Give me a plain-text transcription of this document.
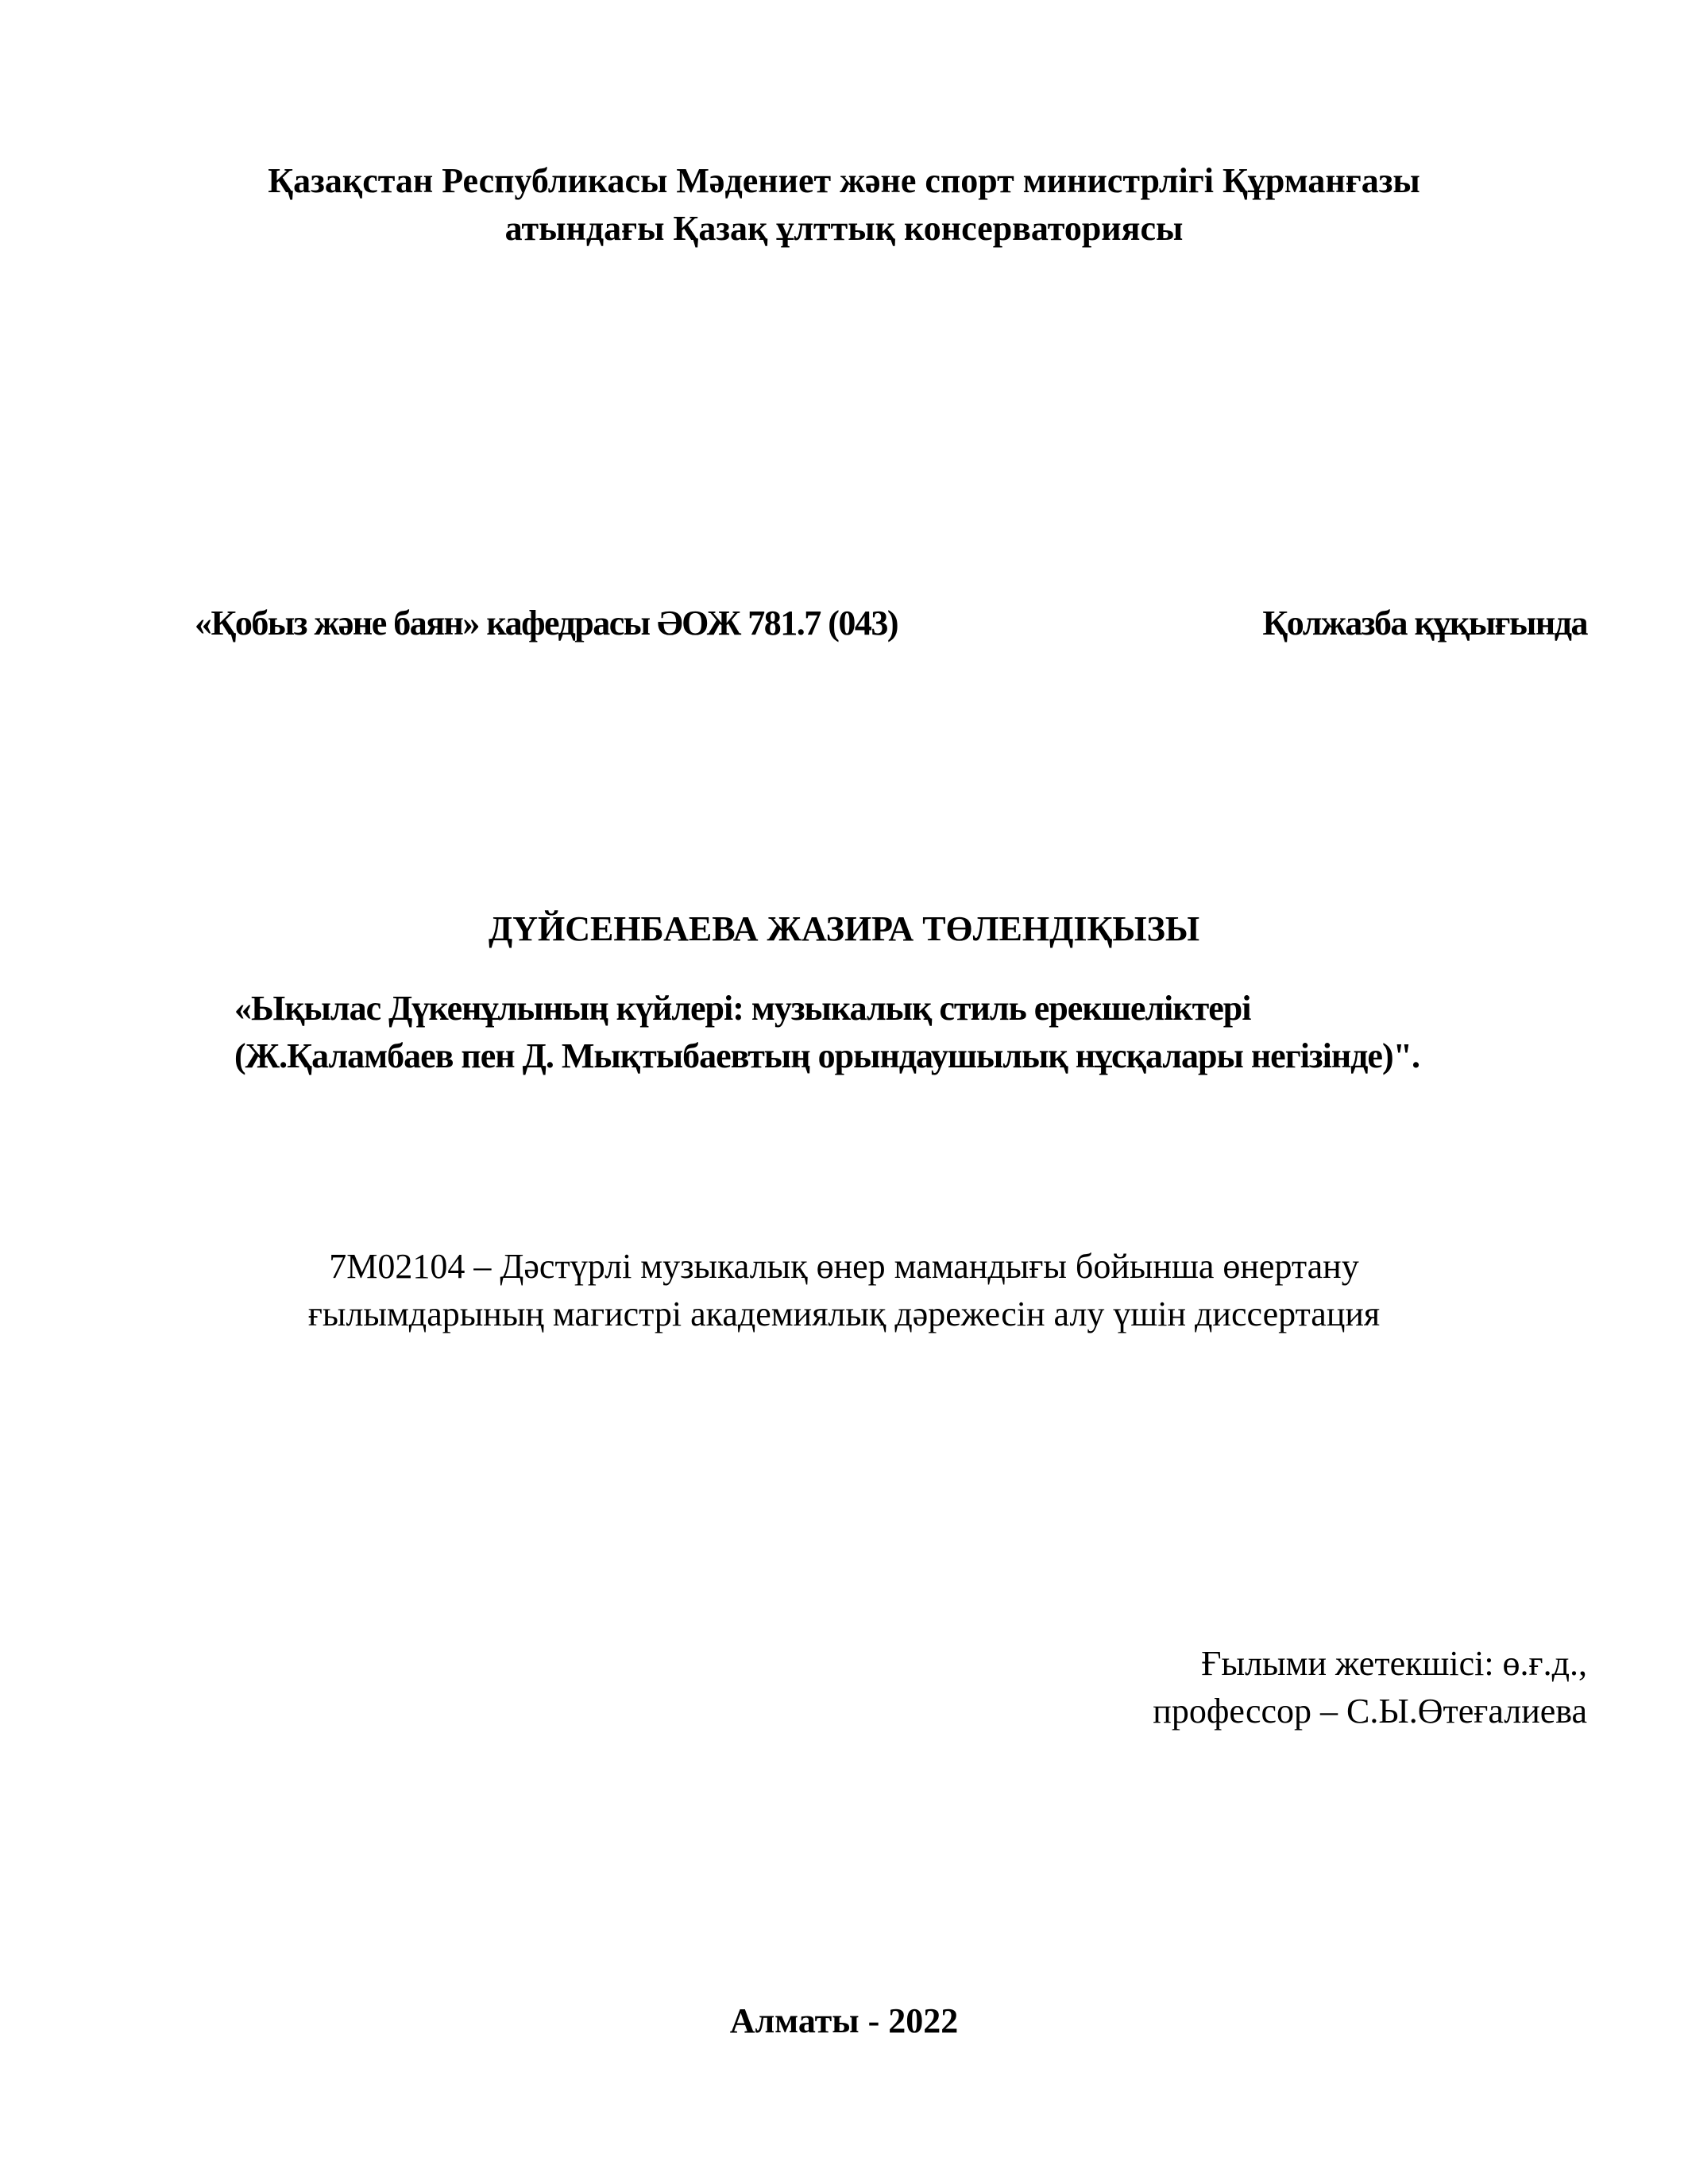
Қазақстан Республикасы Мәдениет және спорт министрлігі Құрманғазы
атындағы Қазақ ұлттық консерваториясы
«Қобыз және баян» кафедрасы ӘОЖ 781.7 (043)	Қолжазба құқығында
ДҮЙСЕНБАЕВА ЖАЗИРА ТӨЛЕНДІҚЫЗЫ
«Ықылас Дүкенұлының күйлері: музыкалық стиль ерекшеліктері
(Ж.Қаламбаев пен Д. Мықтыбаевтың орындаушылық нұсқалары негізінде)".
7M02104 – Дәстүрлі музыкалық өнер мамандығы бойынша өнертану
ғылымдарының магистрі академиялық дәрежесін алу үшін диссертация
Ғылыми жетекшісі: ө.ғ.д.,
профессор – С.Ы.Өтеғалиева
Алматы - 2022
